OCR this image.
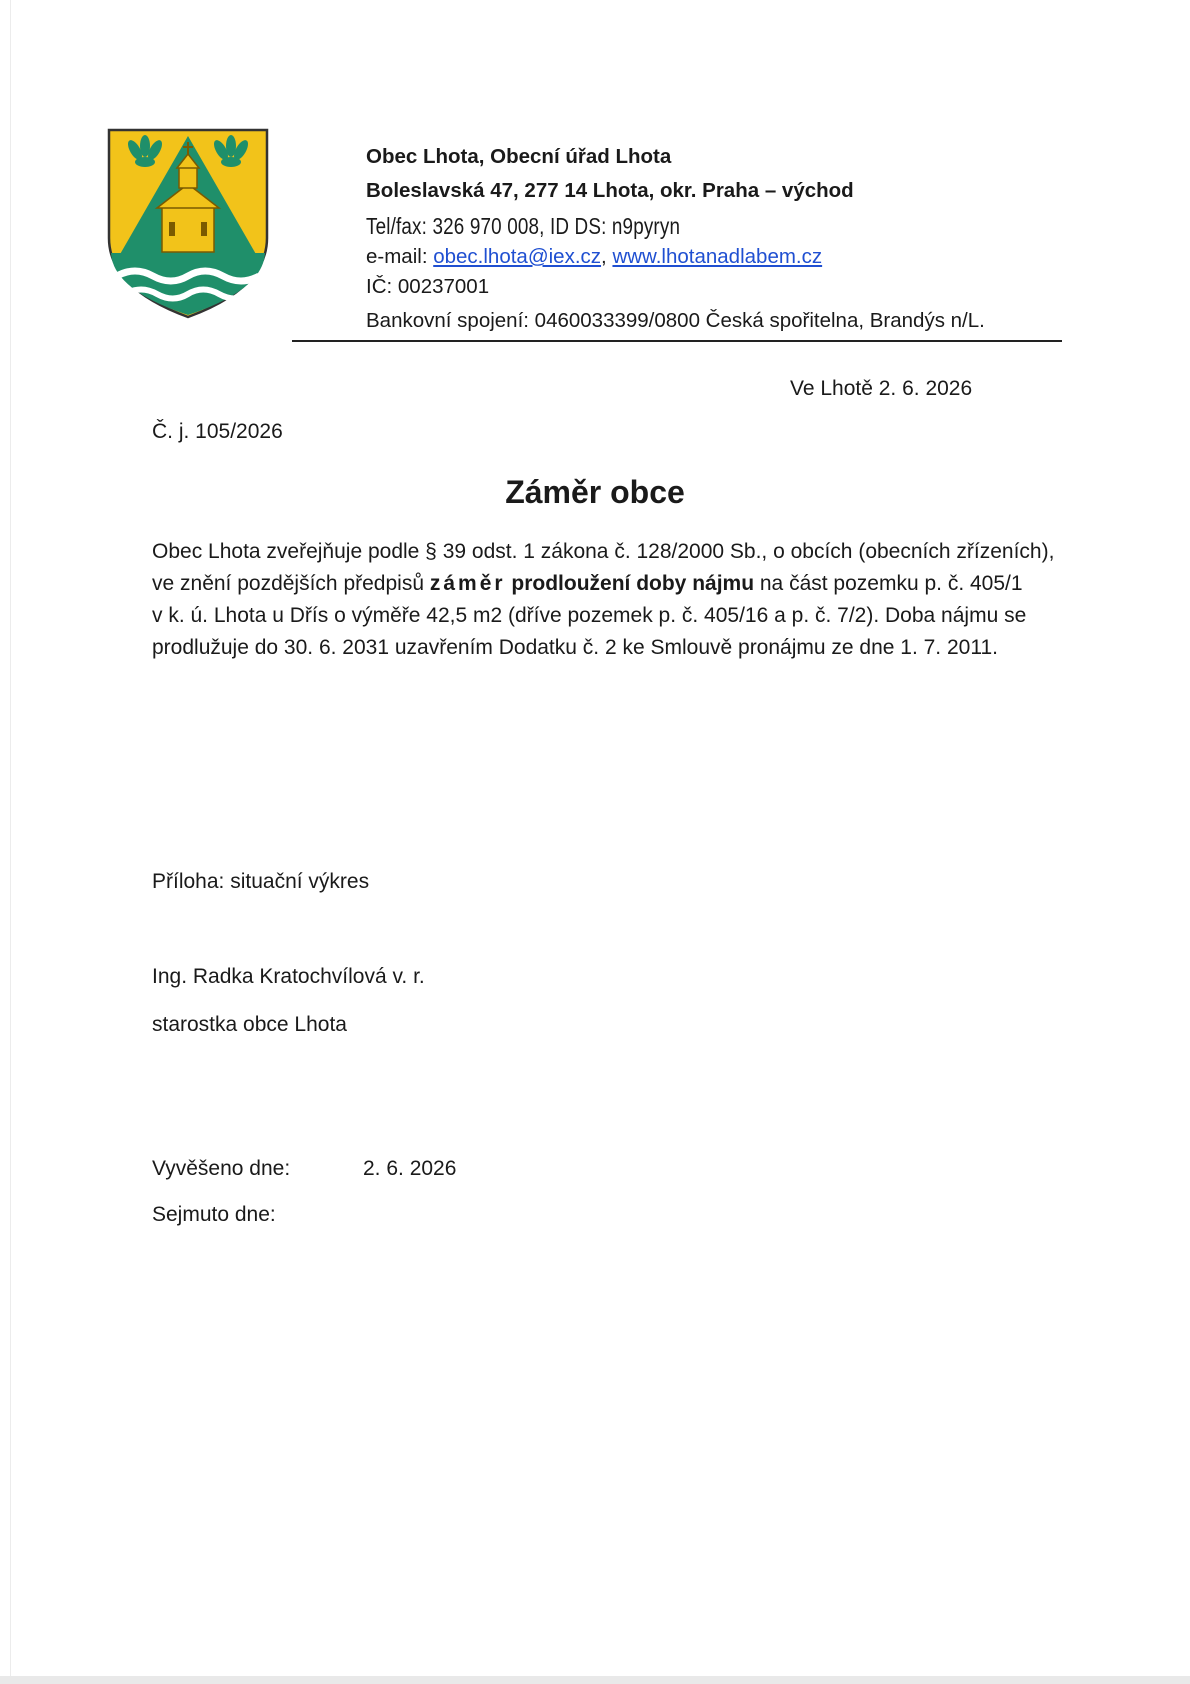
Obec Lhota, Obecní úřad Lhota
Boleslavská 47, 277 14 Lhota, okr. Praha – východ
Tel/fax: 326 970 008, ID DS: n9pyryn
e-mail: obec.lhota@iex.cz, www.lhotanadlabem.cz
IČ: 00237001
Bankovní spojení: 0460033399/0800 Česká spořitelna, Brandýs n/L.
Ve Lhotě 2. 6. 2026
Č. j. 105/2026
Záměr obce
Obec Lhota zveřejňuje podle § 39 odst. 1 zákona č. 128/2000 Sb., o obcích (obecních zřízeních),
ve znění pozdějších předpisů záměr prodloužení doby nájmu na část pozemku p. č. 405/1
v k. ú. Lhota u Dřís o výměře 42,5 m2 (dříve pozemek p. č. 405/16 a p. č. 7/2). Doba nájmu se
prodlužuje do 30. 6. 2031 uzavřením Dodatku č. 2 ke Smlouvě pronájmu ze dne 1. 7. 2011.
Příloha: situační výkres
Ing. Radka Kratochvílová v. r.
starostka obce Lhota
Vyvěšeno dne:	2. 6. 2026
Sejmuto dne:
